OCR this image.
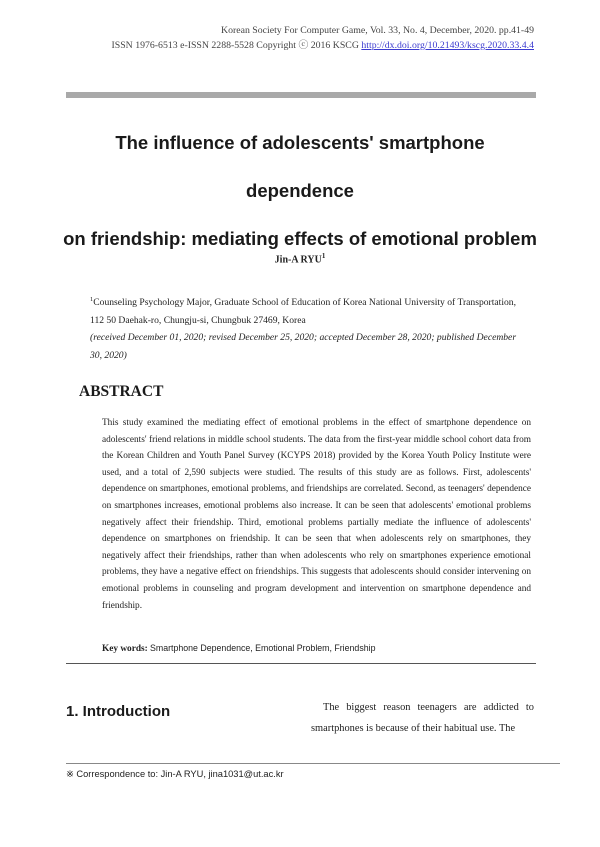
Korean Society For Computer Game, Vol. 33, No. 4, December, 2020. pp.41-49
ISSN 1976-6513 e-ISSN 2288-5528 Copyright ⓒ 2016 KSCG http://dx.doi.org/10.21493/kscg.2020.33.4.4
The influence of adolescents' smartphone dependence
on friendship: mediating effects of emotional problem
Jin-A RYU$^1$
$^1$Counseling Psychology Major, Graduate School of Education of Korea National University of Transportation, 112 50 Daehak-ro, Chungju-si, Chungbuk 27469, Korea
(received December 01, 2020; revised December 25, 2020; accepted December 28, 2020; published December 30, 2020)
ABSTRACT
This study examined the mediating effect of emotional problems in the effect of smartphone dependence on adolescents' friend relations in middle school students. The data from the first-year middle school cohort data from the Korean Children and Youth Panel Survey (KCYPS 2018) provided by the Korea Youth Policy Institute were used, and a total of 2,590 subjects were studied. The results of this study are as follows. First, adolescents' dependence on smartphones, emotional problems, and friendships are correlated. Second, as teenagers' dependence on smartphones increases, emotional problems also increase. It can be seen that adolescents' emotional problems negatively affect their friendship. Third, emotional problems partially mediate the influence of adolescents' dependence on smartphones on friendship. It can be seen that when adolescents rely on smartphones, they negatively affect their friendships, rather than when adolescents who rely on smartphones experience emotional problems, they have a negative effect on friendships. This suggests that adolescents should consider intervening on emotional problems in counseling and program development and intervention on smartphone dependence and friendship.
Key words: Smartphone Dependence, Emotional Problem, Friendship
1. Introduction	The biggest reason teenagers are addicted to smartphones is because of their habitual use. The
※ Correspondence to: Jin-A RYU, jina1031@ut.ac.kr
